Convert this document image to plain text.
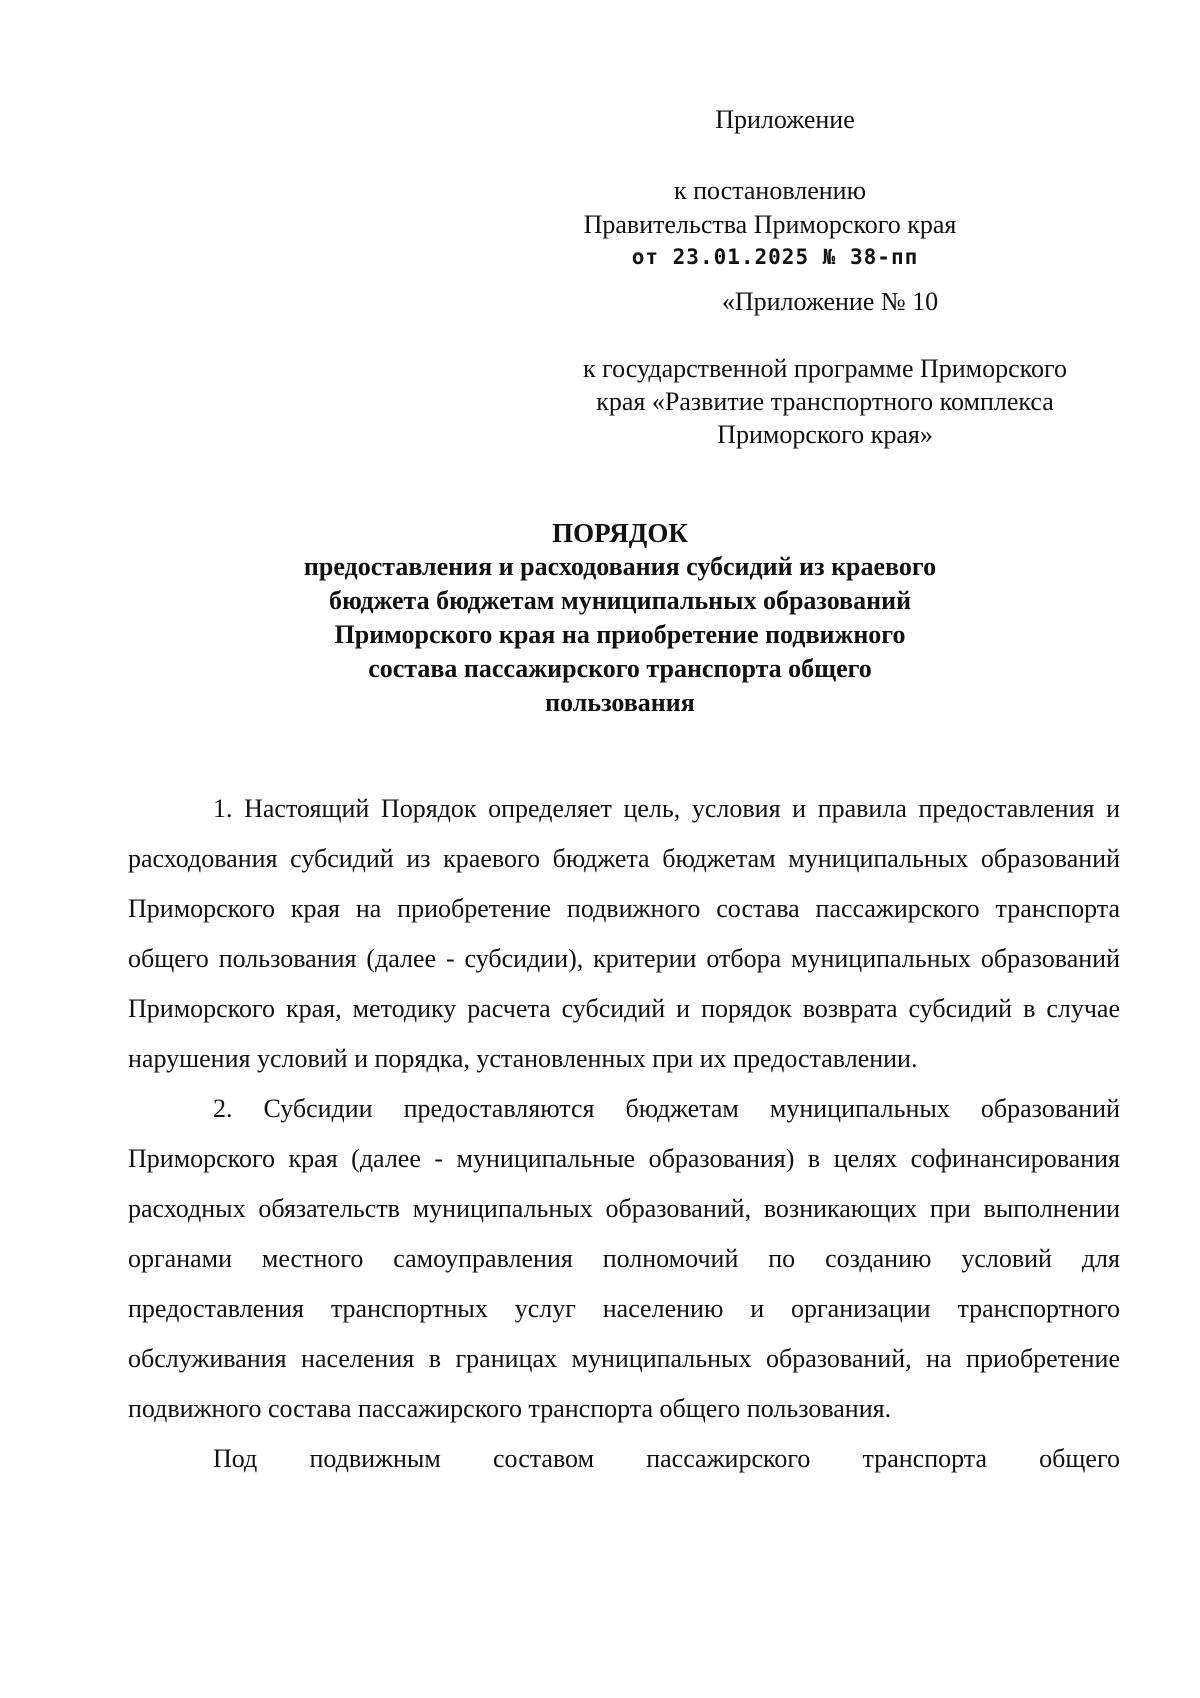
Приложение
к постановлению
Правительства Приморского края
от 23.01.2025 № 38-пп
«Приложение № 10
к государственной программе Приморского
края «Развитие транспортного комплекса
Приморского края»
ПОРЯДОК
предоставления и расходования субсидий из краевого
бюджета бюджетам муниципальных образований
Приморского края на приобретение подвижного
состава пассажирского транспорта общего
пользования

1. Настоящий Порядок определяет цель, условия и правила предоставления и расходования субсидий из краевого бюджета бюджетам муниципальных образований Приморского края на приобретение подвижного состава пассажирского транспорта общего пользования (далее - субсидии), критерии отбора муниципальных образований Приморского края, методику расчета субсидий и порядок возврата субсидий в случае нарушения условий и порядка, установленных при их предоставлении.

2. Субсидии предоставляются бюджетам муниципальных образований Приморского края (далее - муниципальные образования) в целях софинансирования расходных обязательств муниципальных образований, возникающих при выполнении органами местного самоуправления полномочий по созданию условий для предоставления транспортных услуг населению и организации транспортного обслуживания населения в границах муниципальных образований, на приобретение подвижного состава пассажирского транспорта общего пользования.

Под подвижным составом пассажирского транспорта общего
